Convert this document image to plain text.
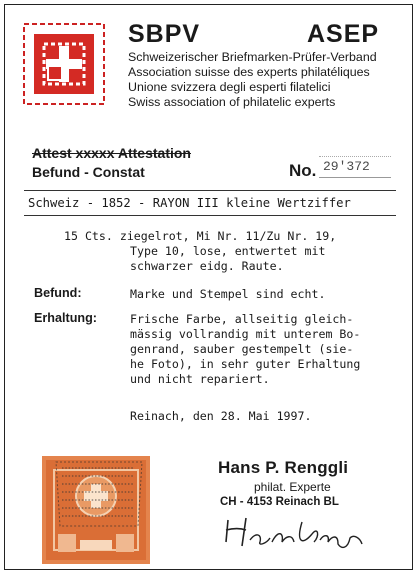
SBPV	ASEP
Schweizerischer Briefmarken-Prüfer-Verband
Association suisse des experts philatéliques
Unione svizzera degli esperti filatelici
Swiss association of philatelic experts
Attest xxxxx Attestation
Befund - Constat	No. 29'372
Schweiz - 1852 - RAYON III kleine Wertziffer
15 Cts. ziegelrot, Mi Nr. 11/Zu Nr. 19,
Type 10, lose, entwertet mit
schwarzer eidg. Raute.
Befund:	Marke und Stempel sind echt.
Erhaltung:	Frische Farbe, allseitig gleich-
mässig vollrandig mit unterem Bo-
genrand, sauber gestempelt (sie-
he Foto), in sehr guter Erhaltung
und nicht repariert.
Reinach, den 28. Mai 1997.
Hans P. Renggli
philat. Experte
CH - 4153 Reinach BL
